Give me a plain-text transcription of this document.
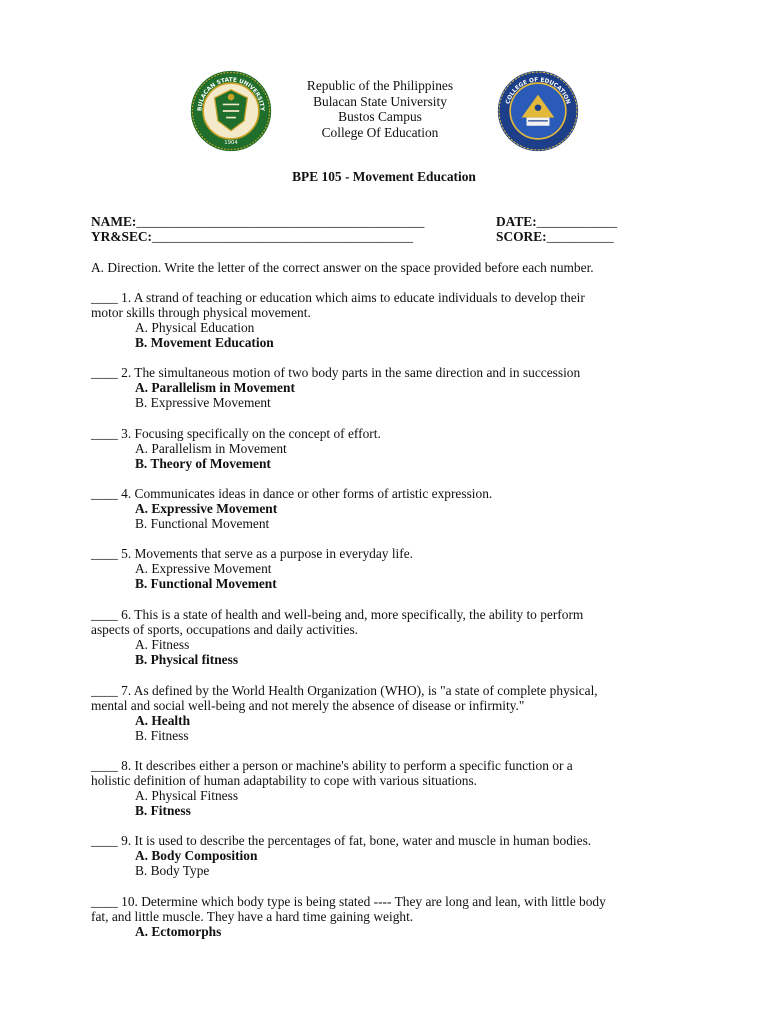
BULACAN STATE UNIVERSITY
1904
Republic of the Philippines
Bulacan State University
Bustos Campus
College Of Education
COLLEGE OF EDUCATION
BPE 105 - Movement Education
NAME:___________________________________________	DATE:____________
YR&SEC:_______________________________________	SCORE:__________
A. Direction. Write the letter of the correct answer on the space provided before each number.
____ 1. A strand of teaching or education which aims to educate individuals to develop their
motor skills through physical movement.
A. Physical Education
B. Movement Education
____ 2. The simultaneous motion of two body parts in the same direction and in succession
A. Parallelism in Movement
B. Expressive Movement
____ 3. Focusing specifically on the concept of effort.
A. Parallelism in Movement
B. Theory of Movement
____ 4. Communicates ideas in dance or other forms of artistic expression.
A. Expressive Movement
B. Functional Movement
____ 5. Movements that serve as a purpose in everyday life.
A. Expressive Movement
B. Functional Movement
____ 6. This is a state of health and well-being and, more specifically, the ability to perform
aspects of sports, occupations and daily activities.
A. Fitness
B. Physical fitness
____ 7. As defined by the World Health Organization (WHO), is "a state of complete physical,
mental and social well-being and not merely the absence of disease or infirmity."
A. Health
B. Fitness
____ 8. It describes either a person or machine's ability to perform a specific function or a
holistic definition of human adaptability to cope with various situations.
A. Physical Fitness
B. Fitness
____ 9. It is used to describe the percentages of fat, bone, water and muscle in human bodies.
A. Body Composition
B. Body Type
____ 10. Determine which body type is being stated ---- They are long and lean, with little body
fat, and little muscle. They have a hard time gaining weight.
A. Ectomorphs
